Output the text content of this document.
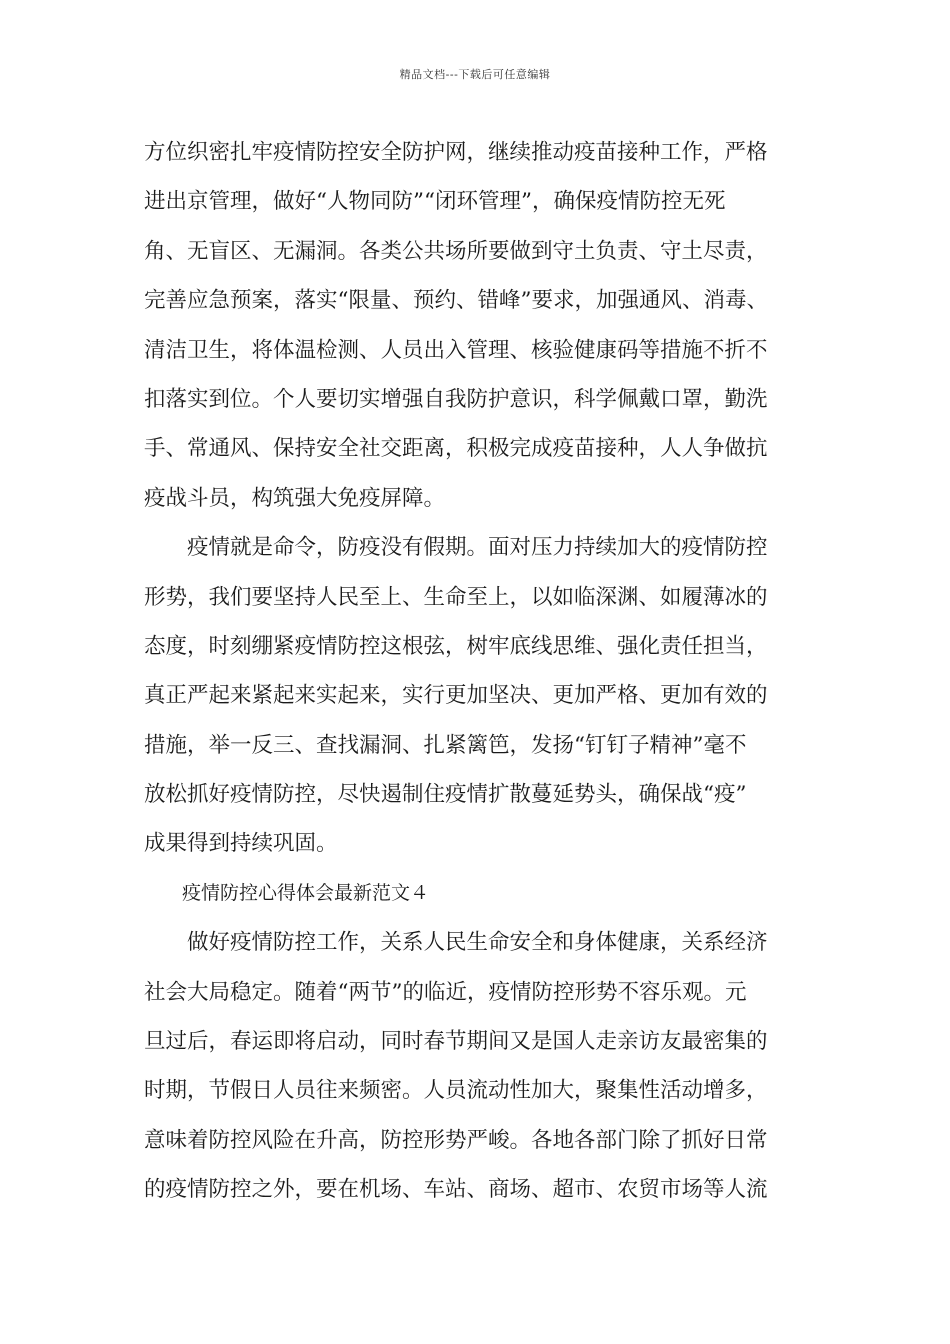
精品文档---下载后可任意编辑
方位织密扎牢疫情防控安全防护网，继续推动疫苗接种工作，严格
进出京管理，做好“人物同防”“闭环管理”，确保疫情防控无死
角、无盲区、无漏洞。各类公共场所要做到守土负责、守土尽责，
完善应急预案，落实“限量、预约、错峰”要求，加强通风、消毒、
清洁卫生，将体温检测、人员出入管理、核验健康码等措施不折不
扣落实到位。个人要切实增强自我防护意识，科学佩戴口罩，勤洗
手、常通风、保持安全社交距离，积极完成疫苗接种，人人争做抗
疫战斗员，构筑强大免疫屏障。
疫情就是命令，防疫没有假期。面对压力持续加大的疫情防控
形势，我们要坚持人民至上、生命至上，以如临深渊、如履薄冰的
态度，时刻绷紧疫情防控这根弦，树牢底线思维、强化责任担当，
真正严起来紧起来实起来，实行更加坚决、更加严格、更加有效的
措施，举一反三、查找漏洞、扎紧篱笆，发扬“钉钉子精神”毫不
放松抓好疫情防控，尽快遏制住疫情扩散蔓延势头，确保战“疫”
成果得到持续巩固。
疫情防控心得体会最新范文４
做好疫情防控工作，关系人民生命安全和身体健康，关系经济
社会大局稳定。随着“两节”的临近，疫情防控形势不容乐观。元
旦过后，春运即将启动，同时春节期间又是国人走亲访友最密集的
时期，节假日人员往来频密。人员流动性加大，聚集性活动增多，
意味着防控风险在升高，防控形势严峻。各地各部门除了抓好日常
的疫情防控之外，要在机场、车站、商场、超市、农贸市场等人流
